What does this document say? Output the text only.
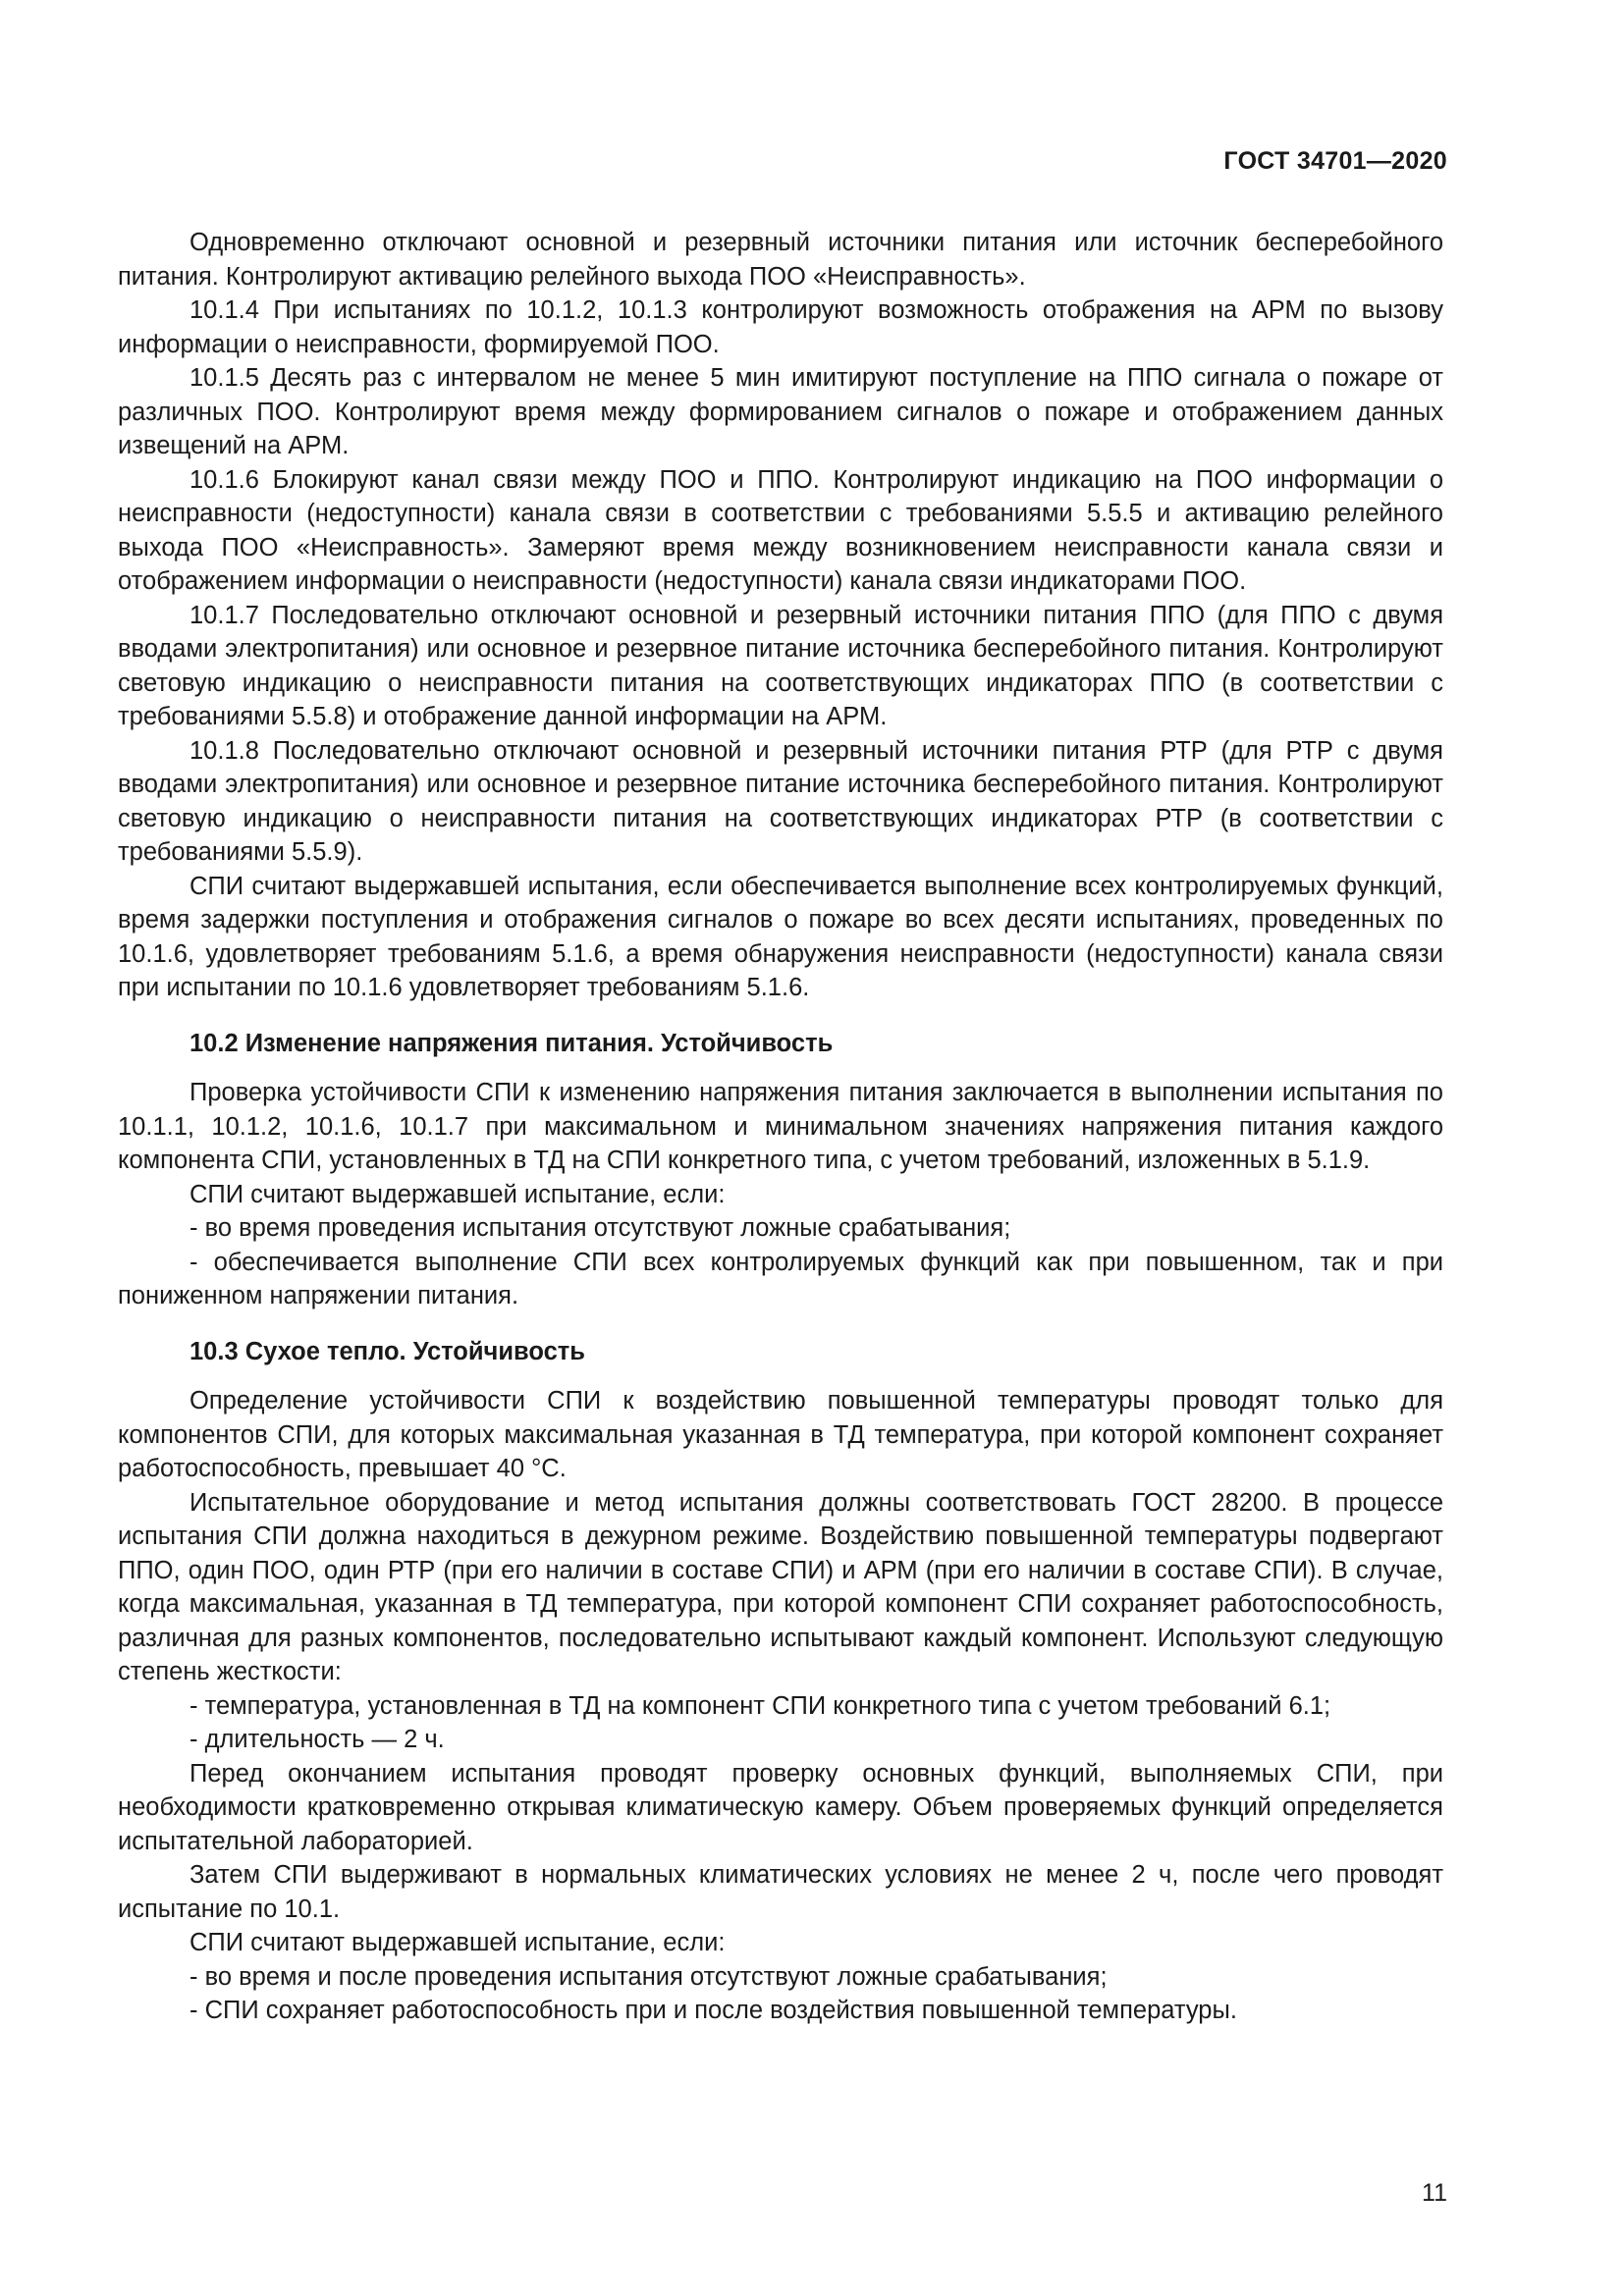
ГОСТ 34701—2020

Одновременно отключают основной и резервный источники питания или источник бесперебойного питания. Контролируют активацию релейного выхода ПОО «Неисправность».

10.1.4 При испытаниях по 10.1.2, 10.1.3 контролируют возможность отображения на АРМ по вызову информации о неисправности, формируемой ПОО.

10.1.5 Десять раз с интервалом не менее 5 мин имитируют поступление на ППО сигнала о пожаре от различных ПОО. Контролируют время между формированием сигналов о пожаре и отображением данных извещений на АРМ.

10.1.6 Блокируют канал связи между ПОО и ППО. Контролируют индикацию на ПОО информации о неисправности (недоступности) канала связи в соответствии с требованиями 5.5.5 и активацию релейного выхода ПОО «Неисправность». Замеряют время между возникновением неисправности канала связи и отображением информации о неисправности (недоступности) канала связи индикаторами ПОО.

10.1.7 Последовательно отключают основной и резервный источники питания ППО (для ППО с двумя вводами электропитания) или основное и резервное питание источника бесперебойного питания. Контролируют световую индикацию о неисправности питания на соответствующих индикаторах ППО (в соответствии с требованиями 5.5.8) и отображение данной информации на АРМ.

10.1.8 Последовательно отключают основной и резервный источники питания РТР (для РТР с двумя вводами электропитания) или основное и резервное питание источника бесперебойного питания. Контролируют световую индикацию о неисправности питания на соответствующих индикаторах РТР (в соответствии с требованиями 5.5.9).

СПИ считают выдержавшей испытания, если обеспечивается выполнение всех контролируемых функций, время задержки поступления и отображения сигналов о пожаре во всех десяти испытаниях, проведенных по 10.1.6, удовлетворяет требованиям 5.1.6, а время обнаружения неисправности (недоступности) канала связи при испытании по 10.1.6 удовлетворяет требованиям 5.1.6.

10.2 Изменение напряжения питания. Устойчивость

Проверка устойчивости СПИ к изменению напряжения питания заключается в выполнении испытания по 10.1.1, 10.1.2, 10.1.6, 10.1.7 при максимальном и минимальном значениях напряжения питания каждого компонента СПИ, установленных в ТД на СПИ конкретного типа, с учетом требований, изложенных в 5.1.9.

СПИ считают выдержавшей испытание, если:

- во время проведения испытания отсутствуют ложные срабатывания;

- обеспечивается выполнение СПИ всех контролируемых функций как при повышенном, так и при пониженном напряжении питания.

10.3 Сухое тепло. Устойчивость

Определение устойчивости СПИ к воздействию повышенной температуры проводят только для компонентов СПИ, для которых максимальная указанная в ТД температура, при которой компонент сохраняет работоспособность, превышает 40 °С.

Испытательное оборудование и метод испытания должны соответствовать ГОСТ 28200. В процессе испытания СПИ должна находиться в дежурном режиме. Воздействию повышенной температуры подвергают ППО, один ПОО, один РТР (при его наличии в составе СПИ) и АРМ (при его наличии в составе СПИ). В случае, когда максимальная, указанная в ТД температура, при которой компонент СПИ сохраняет работоспособность, различная для разных компонентов, последовательно испытывают каждый компонент. Используют следующую степень жесткости:

- температура, установленная в ТД на компонент СПИ конкретного типа с учетом требований 6.1;

- длительность — 2 ч.

Перед окончанием испытания проводят проверку основных функций, выполняемых СПИ, при необходимости кратковременно открывая климатическую камеру. Объем проверяемых функций определяется испытательной лабораторией.

Затем СПИ выдерживают в нормальных климатических условиях не менее 2 ч, после чего проводят испытание по 10.1.

СПИ считают выдержавшей испытание, если:

- во время и после проведения испытания отсутствуют ложные срабатывания;

- СПИ сохраняет работоспособность при и после воздействия повышенной температуры.

11
